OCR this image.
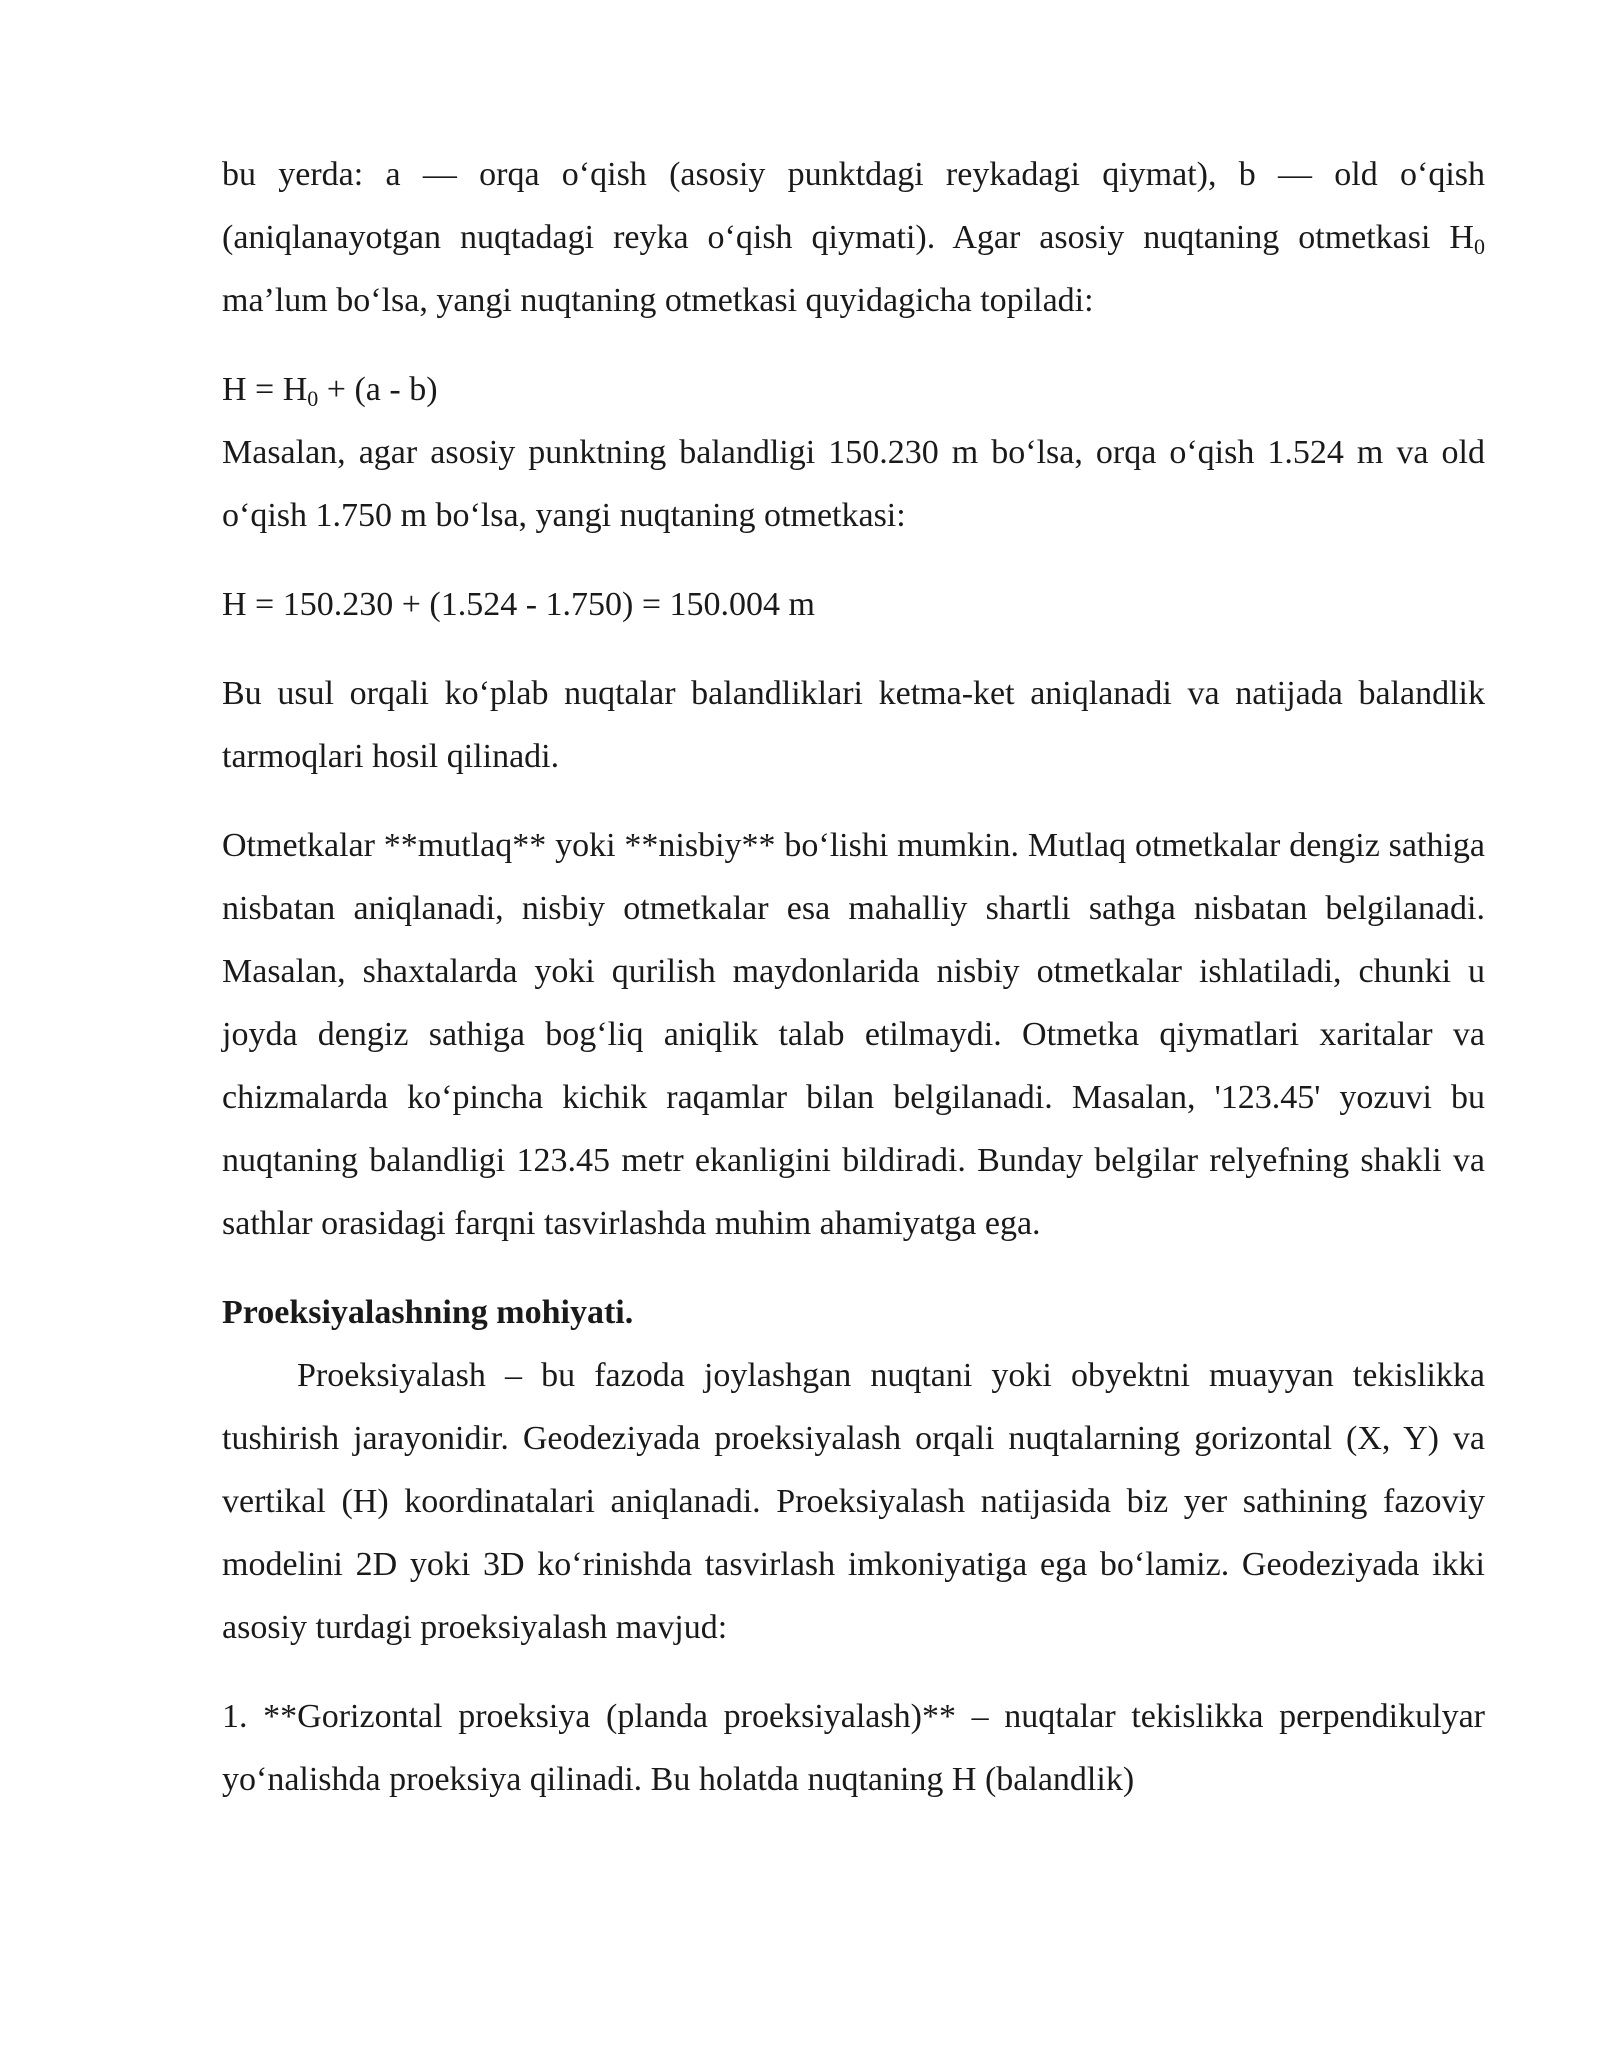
bu yerda: a — orqa o‘qish (asosiy punktdagi reykadagi qiymat), b — old o‘qish (aniqlanayotgan nuqtadagi reyka o‘qish qiymati). Agar asosiy nuqtaning otmetkasi $H_0$ ma’lum bo‘lsa, yangi nuqtaning otmetkasi quyidagicha topiladi:

$H = H_0 + (a - b)$

Masalan, agar asosiy punktning balandligi 150.230 m bo‘lsa, orqa o‘qish 1.524 m va old o‘qish 1.750 m bo‘lsa, yangi nuqtaning otmetkasi:

H = 150.230 + (1.524 - 1.750) = 150.004 m

Bu usul orqali ko‘plab nuqtalar balandliklari ketma-ket aniqlanadi va natijada balandlik tarmoqlari hosil qilinadi.

Otmetkalar **mutlaq** yoki **nisbiy** bo‘lishi mumkin. Mutlaq otmetkalar dengiz sathiga nisbatan aniqlanadi, nisbiy otmetkalar esa mahalliy shartli sathga nisbatan belgilanadi. Masalan, shaxtalarda yoki qurilish maydonlarida nisbiy otmetkalar ishlatiladi, chunki u joyda dengiz sathiga bog‘liq aniqlik talab etilmaydi. Otmetka qiymatlari xaritalar va chizmalarda ko‘pincha kichik raqamlar bilan belgilanadi. Masalan, '123.45' yozuvi bu nuqtaning balandligi 123.45 metr ekanligini bildiradi. Bunday belgilar relyefning shakli va sathlar orasidagi farqni tasvirlashda muhim ahamiyatga ega.

Proeksiyalashning mohiyati.

Proeksiyalash – bu fazoda joylashgan nuqtani yoki obyektni muayyan tekislikka tushirish jarayonidir. Geodeziyada proeksiyalash orqali nuqtalarning gorizontal (X, Y) va vertikal (H) koordinatalari aniqlanadi. Proeksiyalash natijasida biz yer sathining fazoviy modelini 2D yoki 3D ko‘rinishda tasvirlash imkoniyatiga ega bo‘lamiz. Geodeziyada ikki asosiy turdagi proeksiyalash mavjud:

1. **Gorizontal proeksiya (planda proeksiyalash)** – nuqtalar tekislikka perpendikulyar yo‘nalishda proeksiya qilinadi. Bu holatda nuqtaning H (balandlik)
